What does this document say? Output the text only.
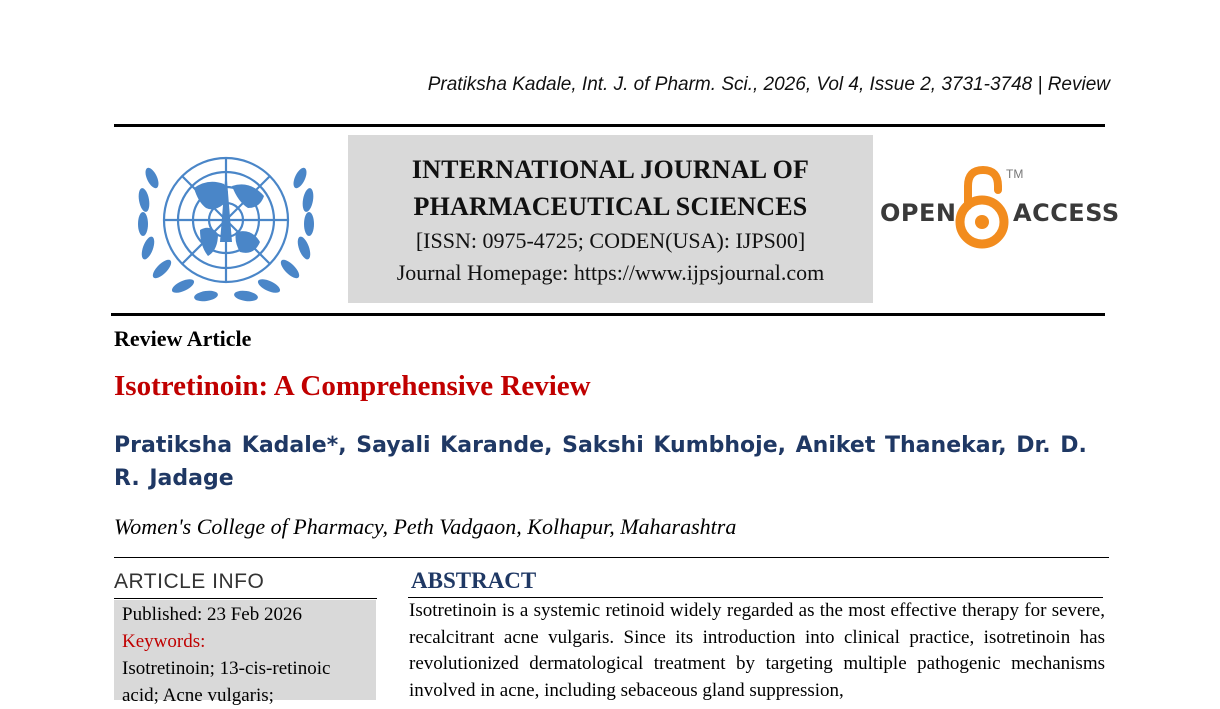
Pratiksha Kadale, Int. J. of Pharm. Sci., 2026, Vol 4, Issue 2, 3731-3748 | Review
INTERNATIONAL JOURNAL OF
PHARMACEUTICAL SCIENCES
[ISSN: 0975-4725; CODEN(USA): IJPS00]
Journal Homepage: https://www.ijpsjournal.com
OPEN
TM
ACCESS
Review Article
Isotretinoin: A Comprehensive Review
Pratiksha Kadale*, Sayali Karande, Sakshi Kumbhoje, Aniket Thanekar, Dr. D. R. Jadage
Women's College of Pharmacy, Peth Vadgaon, Kolhapur, Maharashtra
ARTICLE INFO
Published: 23 Feb 2026
Keywords:
Isotretinoin; 13-cis-retinoic
acid; Acne vulgaris;
ABSTRACT
Isotretinoin is a systemic retinoid widely regarded as the most effective therapy for severe, recalcitrant acne vulgaris. Since its introduction into clinical practice, isotretinoin has revolutionized dermatological treatment by targeting multiple pathogenic mechanisms involved in acne, including sebaceous gland suppression,
